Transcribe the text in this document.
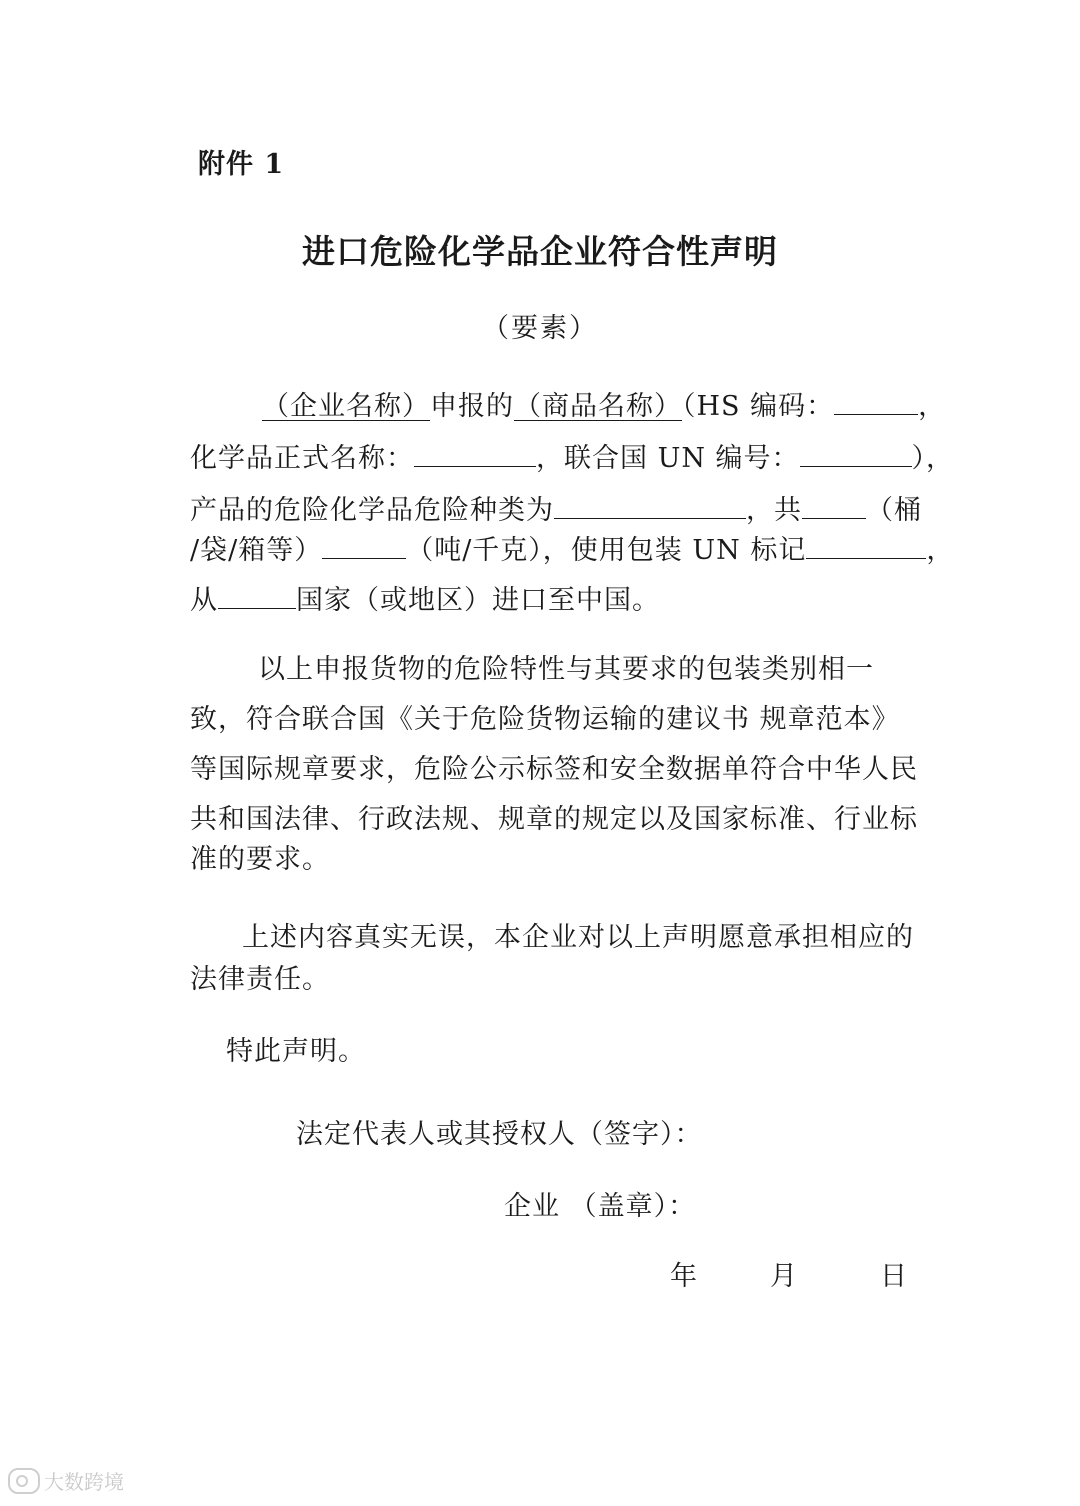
附件 1
进口危险化学品企业符合性声明
（要素）
（企业名称）申报的（商品名称）（HS 编码：	，
化学品正式名称：	，联合国 UN 编号：	），
产品的危险化学品危险种类为	，共 （桶
/袋/箱等）	（吨/千克），使用包装 UN 标记	，
从	国家（或地区）进口至中国。
以上申报货物的危险特性与其要求的包装类别相一
致，符合联合国《关于危险货物运输的建议书 规章范本》
等国际规章要求，危险公示标签和安全数据单符合中华人民
共和国法律、行政法规、规章的规定以及国家标准、行业标
准的要求。
上述内容真实无误，本企业对以上声明愿意承担相应的
法律责任。
特此声明。
法定代表人或其授权人（签字）：
企业 （盖章）：
年	月	日
大数跨境
